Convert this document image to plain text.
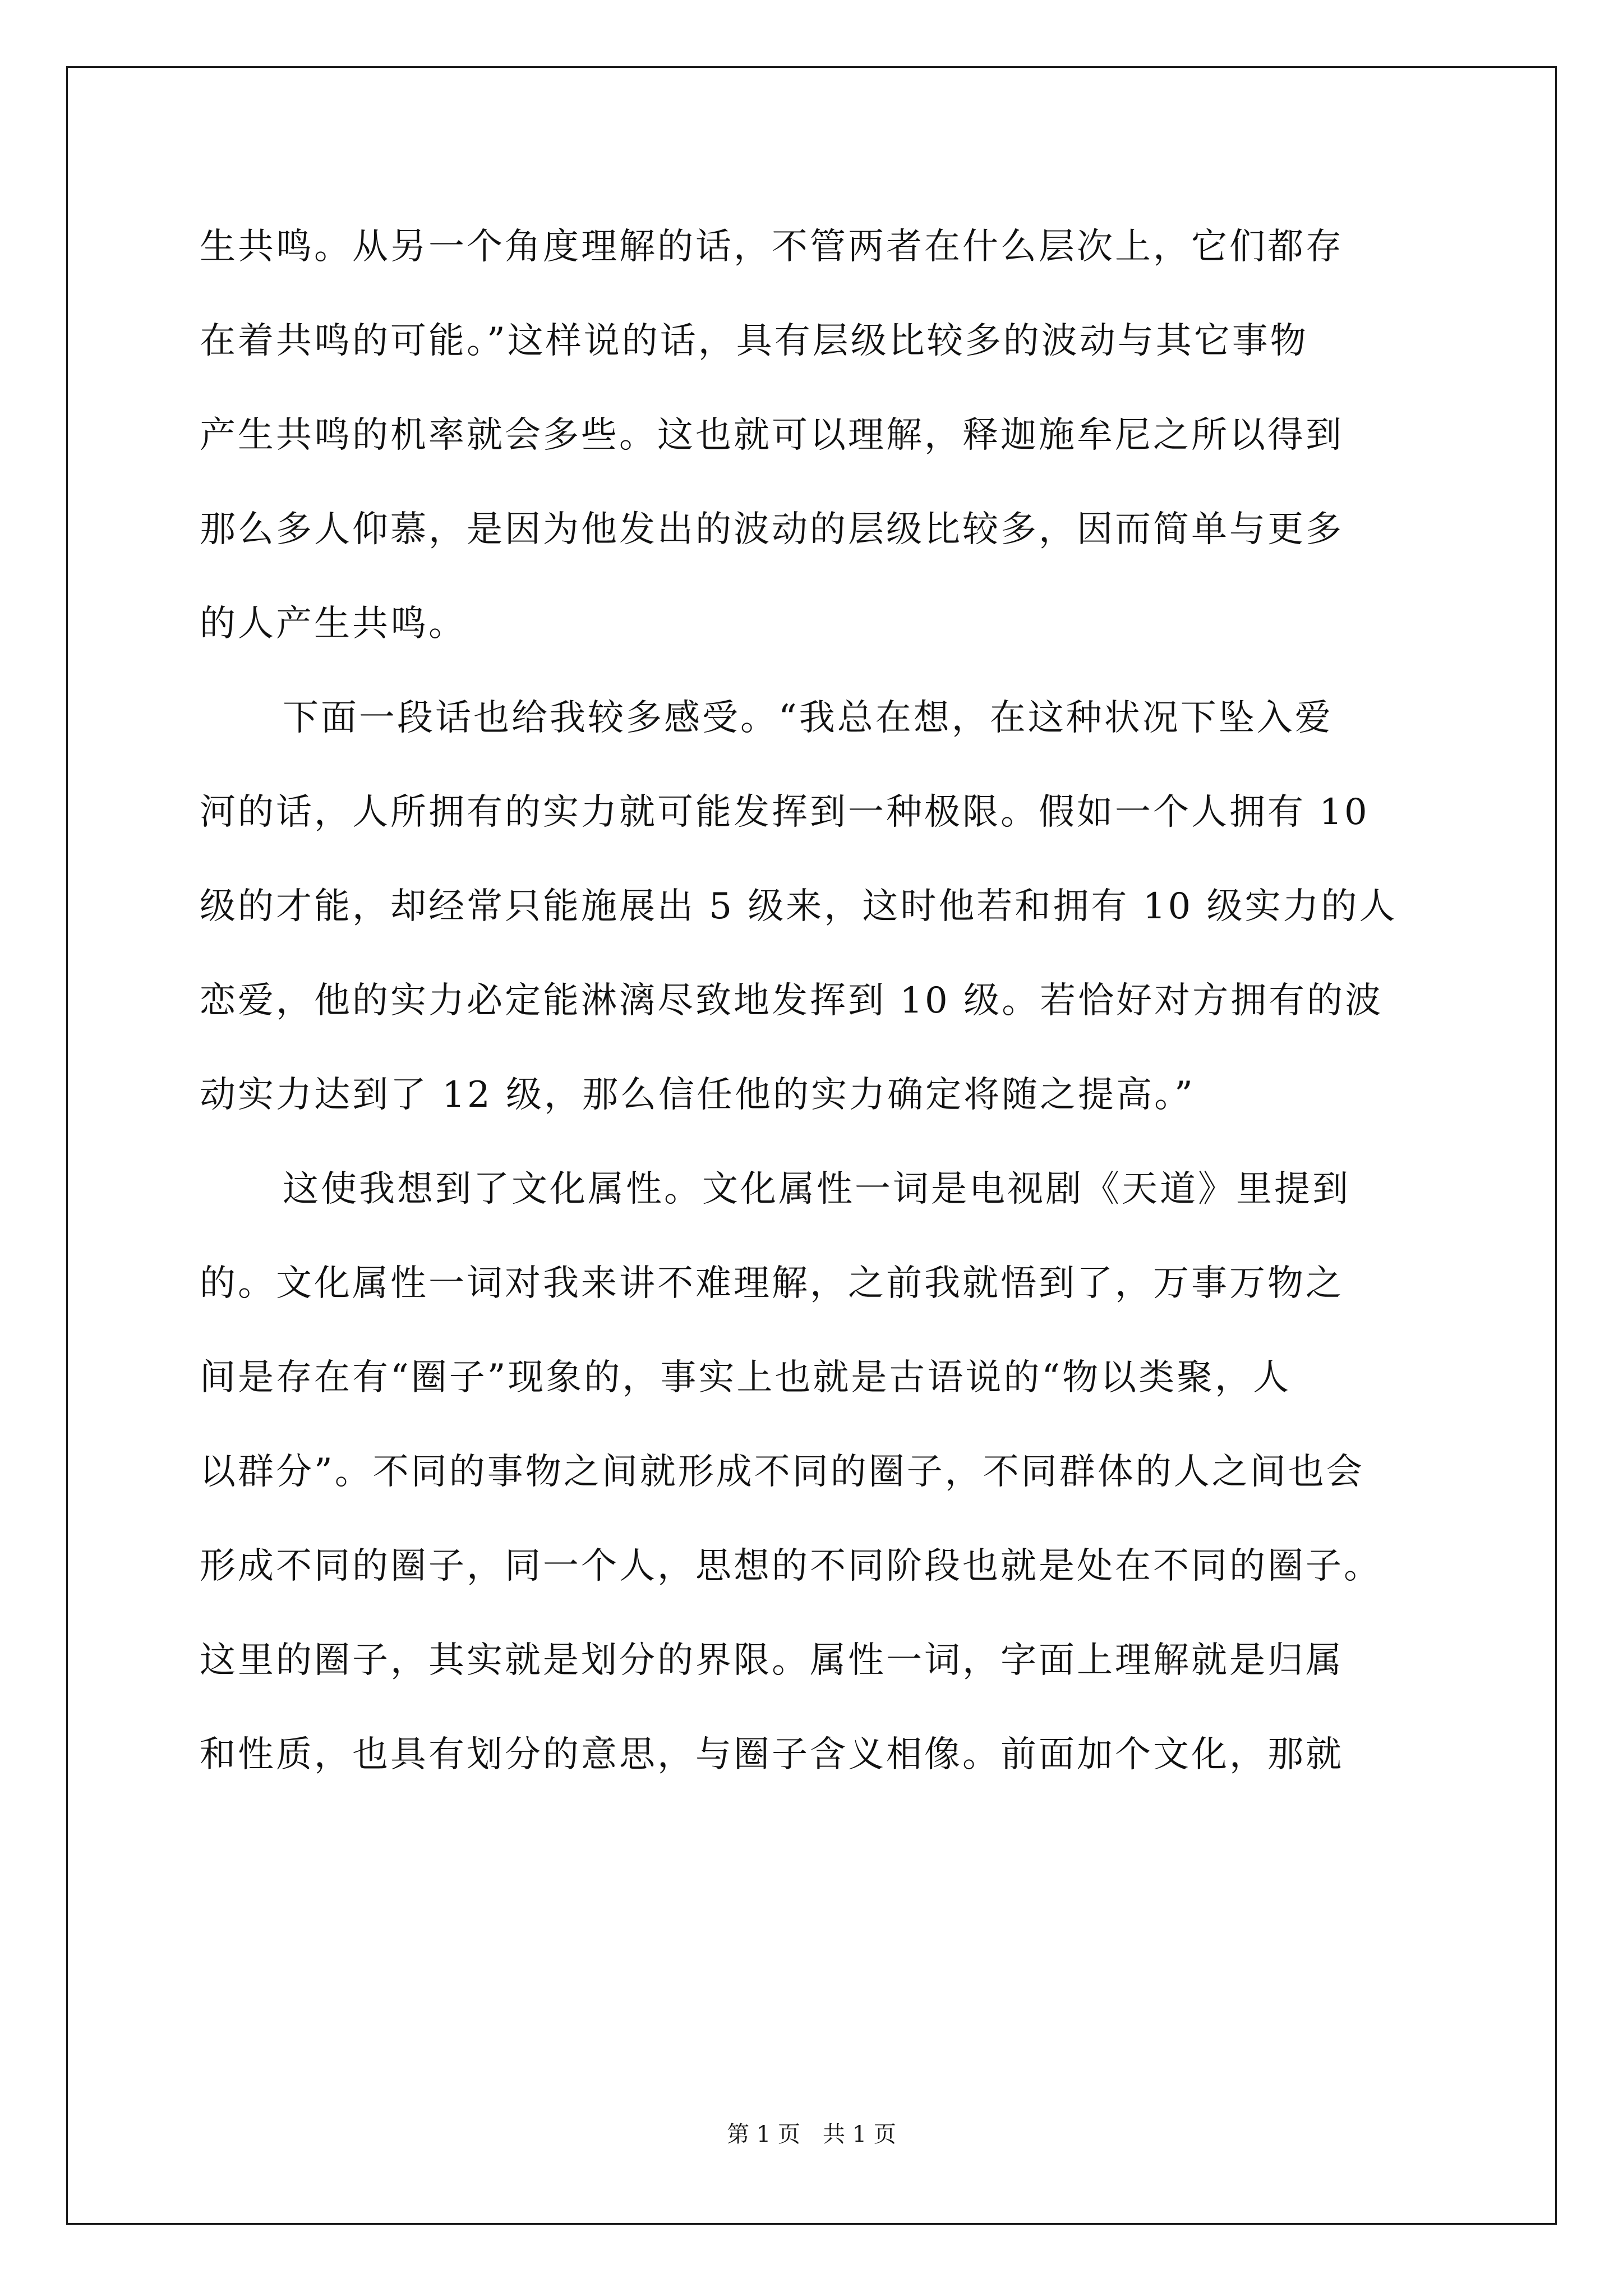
生共鸣。从另一个角度理解的话，不管两者在什么层次上，它们都存
在着共鸣的可能。”这样说的话，具有层级比较多的波动与其它事物
产生共鸣的机率就会多些。这也就可以理解，释迦施牟尼之所以得到
那么多人仰慕，是因为他发出的波动的层级比较多，因而简单与更多
的人产生共鸣。
下面一段话也给我较多感受。“我总在想，在这种状况下坠入爱
河的话，人所拥有的实力就可能发挥到一种极限。假如一个人拥有 10
级的才能，却经常只能施展出 5 级来，这时他若和拥有 10 级实力的人
恋爱，他的实力必定能淋漓尽致地发挥到 10 级。若恰好对方拥有的波
动实力达到了 12 级，那么信任他的实力确定将随之提高。”
这使我想到了文化属性。文化属性一词是电视剧《天道》里提到
的。文化属性一词对我来讲不难理解，之前我就悟到了，万事万物之
间是存在有“圈子”现象的，事实上也就是古语说的“物以类聚，人
以群分”。不同的事物之间就形成不同的圈子，不同群体的人之间也会
形成不同的圈子，同一个人，思想的不同阶段也就是处在不同的圈子。
这里的圈子，其实就是划分的界限。属性一词，字面上理解就是归属
和性质，也具有划分的意思，与圈子含义相像。前面加个文化，那就
第 1 页　共 1 页
